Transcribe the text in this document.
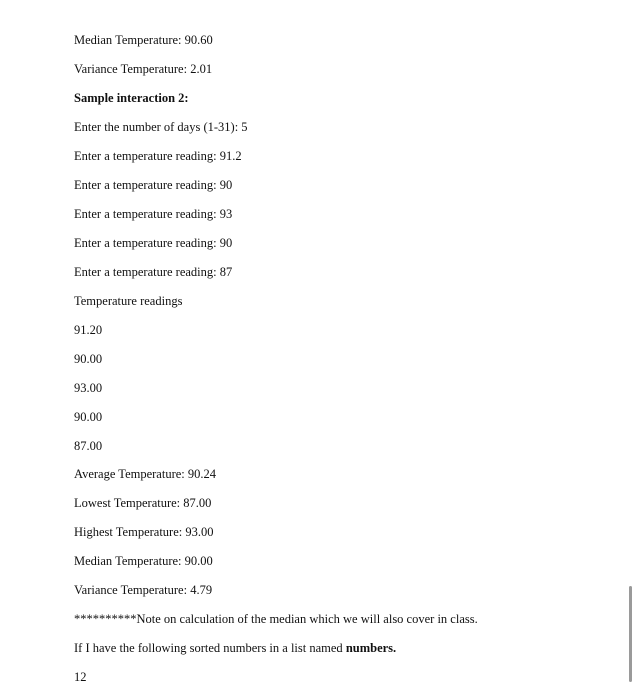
Median Temperature: 90.60
Variance Temperature: 2.01
Sample interaction 2:
Enter the number of days (1-31): 5
Enter a temperature reading: 91.2
Enter a temperature reading: 90
Enter a temperature reading: 93
Enter a temperature reading: 90
Enter a temperature reading: 87
Temperature readings
91.20
90.00
93.00
90.00
87.00
Average Temperature: 90.24
Lowest Temperature: 87.00
Highest Temperature: 93.00
Median Temperature: 90.00
Variance Temperature: 4.79
**********Note on calculation of the median which we will also cover in class.
If I have the following sorted numbers in a list named numbers.
12
